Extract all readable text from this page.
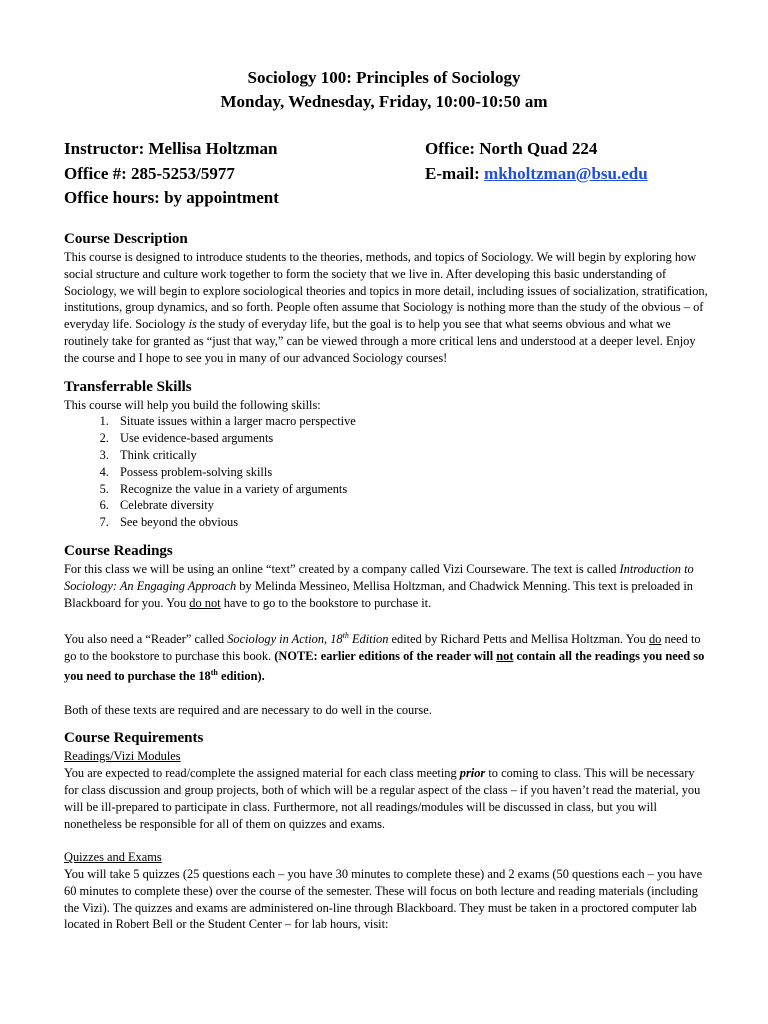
Sociology 100: Principles of Sociology
Monday, Wednesday, Friday, 10:00-10:50 am
Instructor: Mellisa Holtzman	Office: North Quad 224
Office #: 285-5253/5977	E-mail: mkholtzman@bsu.edu
Office hours: by appointment
Course Description

This course is designed to introduce students to the theories, methods, and topics of Sociology. We will begin by exploring how social structure and culture work together to form the society that we live in. After developing this basic understanding of Sociology, we will begin to explore sociological theories and topics in more detail, including issues of socialization, stratification, institutions, group dynamics, and so forth. People often assume that Sociology is nothing more than the study of the obvious – of everyday life. Sociology is the study of everyday life, but the goal is to help you see that what seems obvious and what we routinely take for granted as “just that way,” can be viewed through a more critical lens and understood at a deeper level. Enjoy the course and I hope to see you in many of our advanced Sociology courses!

Transferrable Skills

This course will help you build the following skills:

1. Situate issues within a larger macro perspective
2. Use evidence-based arguments
3. Think critically
4. Possess problem-solving skills
5. Recognize the value in a variety of arguments
6. Celebrate diversity
7. See beyond the obvious
Course Readings

For this class we will be using an online “text” created by a company called Vizi Courseware. The text is called Introduction to Sociology: An Engaging Approach by Melinda Messineo, Mellisa Holtzman, and Chadwick Menning. This text is preloaded in Blackboard for you. You do not have to go to the bookstore to purchase it.

You also need a “Reader” called Sociology in Action, 18th Edition edited by Richard Petts and Mellisa Holtzman. You do need to go to the bookstore to purchase this book. (NOTE: earlier editions of the reader will not contain all the readings you need so you need to purchase the 18th edition).

Both of these texts are required and are necessary to do well in the course.

Course Requirements

Readings/Vizi Modules

You are expected to read/complete the assigned material for each class meeting prior to coming to class. This will be necessary for class discussion and group projects, both of which will be a regular aspect of the class – if you haven’t read the material, you will be ill-prepared to participate in class. Furthermore, not all readings/modules will be discussed in class, but you will nonetheless be responsible for all of them on quizzes and exams.

Quizzes and Exams

You will take 5 quizzes (25 questions each – you have 30 minutes to complete these) and 2 exams (50 questions each – you have 60 minutes to complete these) over the course of the semester. These will focus on both lecture and reading materials (including the Vizi). The quizzes and exams are administered on-line through Blackboard. They must be taken in a proctored computer lab located in Robert Bell or the Student Center – for lab hours, visit:
